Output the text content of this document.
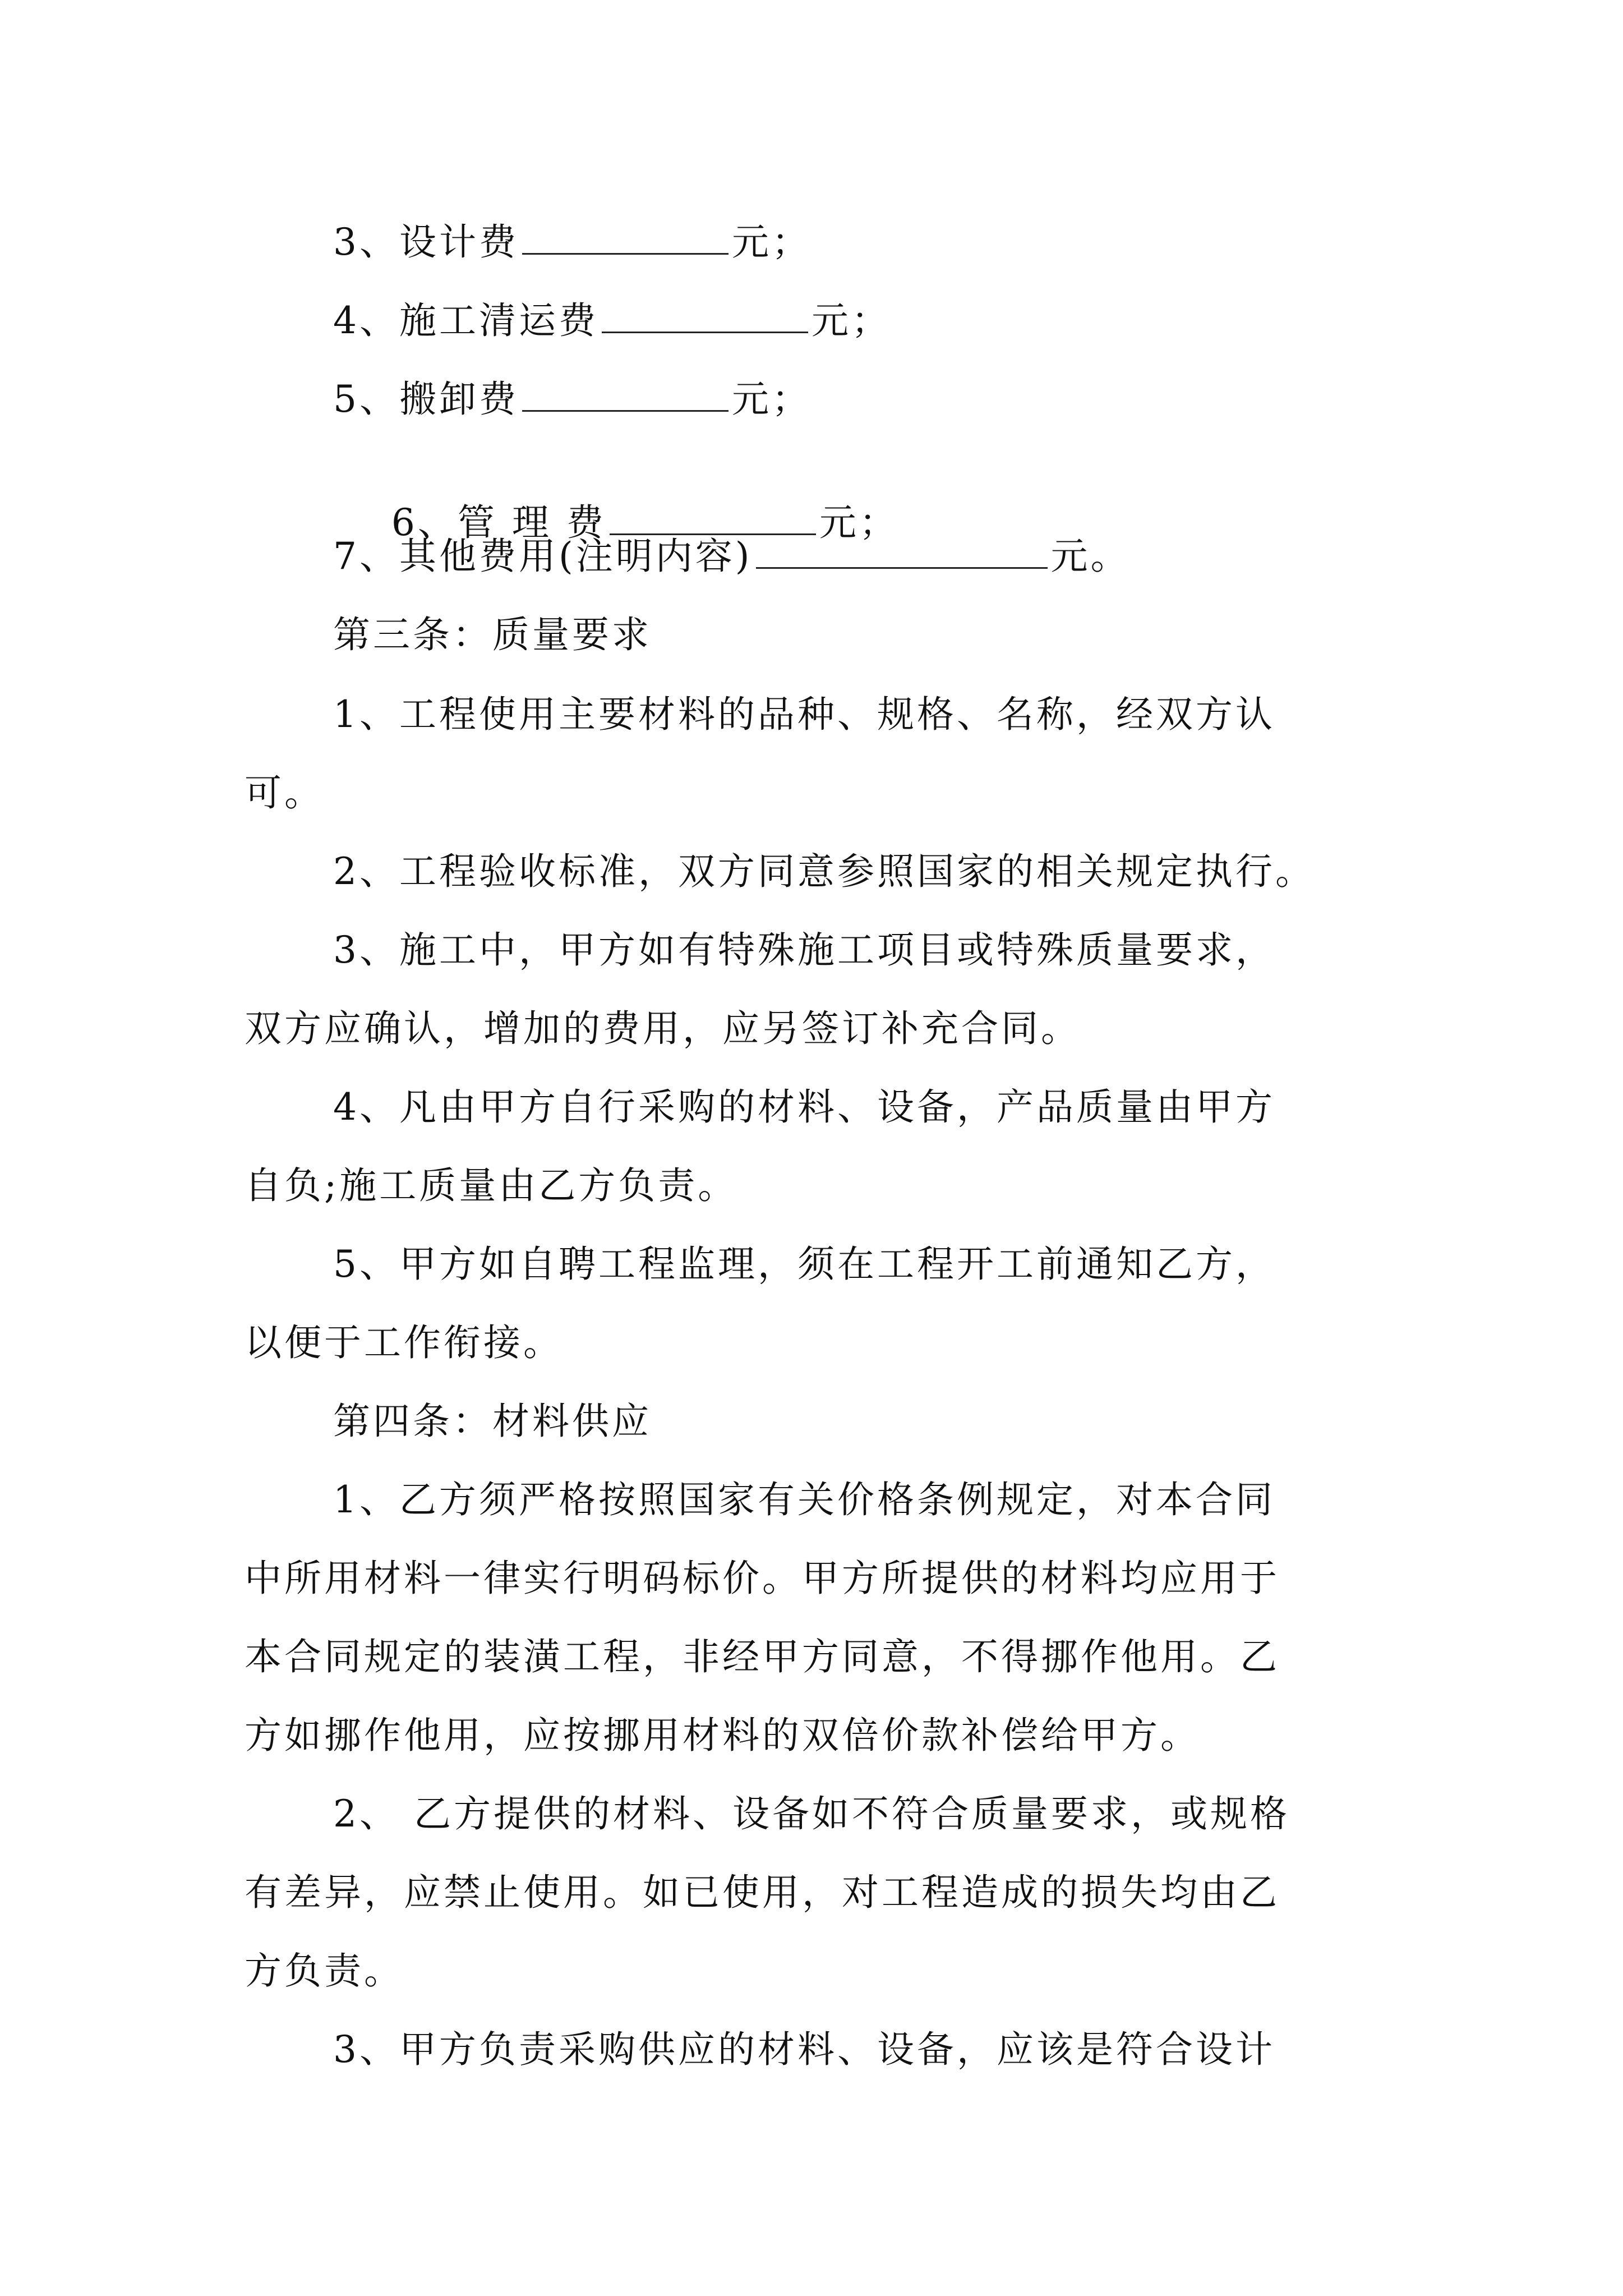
3、设计费	元；
4、施工清运费	元；
5、搬卸费	元；

6、管 理 费	元；

7、其他费用(注明内容)	元。
第三条：质量要求
1、工程使用主要材料的品种、规格、名称，经双方认
可。
2、工程验收标准，双方同意参照国家的相关规定执行。
3、施工中，甲方如有特殊施工项目或特殊质量要求，
双方应确认，增加的费用，应另签订补充合同。
4、凡由甲方自行采购的材料、设备，产品质量由甲方
自负;施工质量由乙方负责。
5、甲方如自聘工程监理，须在工程开工前通知乙方，
以便于工作衔接。
第四条：材料供应
1、乙方须严格按照国家有关价格条例规定，对本合同
中所用材料一律实行明码标价。甲方所提供的材料均应用于
本合同规定的装潢工程，非经甲方同意，不得挪作他用。乙
方如挪作他用，应按挪用材料的双倍价款补偿给甲方。
2、 乙方提供的材料、设备如不符合质量要求，或规格
有差异，应禁止使用。如已使用，对工程造成的损失均由乙
方负责。
3、甲方负责采购供应的材料、设备，应该是符合设计
